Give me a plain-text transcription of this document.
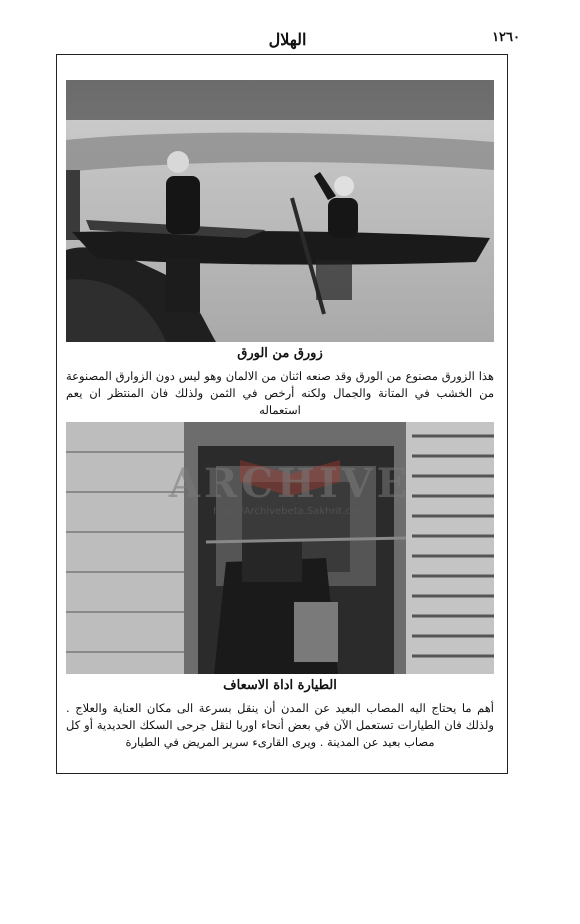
١٢٦٠
الهلال
زورق من الورق
هذا الزورق مصنوع من الورق وقد صنعه اثنان من الالمان وهو ليس دون الزوارق المصنوعة من الخشب في المتانة والجمال ولكنه أرخص في الثمن ولذلك فان المنتظر ان يعم استعماله
ARCHIVE
http://Archivebeta.Sakhrit.com
الطيارة اداة الاسعاف
أهم ما يحتاج اليه المصاب البعيد عن المدن أن ينقل بسرعة الى مكان العناية والعلاج . ولذلك فان الطيارات تستعمل الآن في بعض أنحاء اوربا لنقل جرحى السكك الحديدية أو كل مصاب بعيد عن المدينة . ويرى القارىء سرير المريض في الطيارة
